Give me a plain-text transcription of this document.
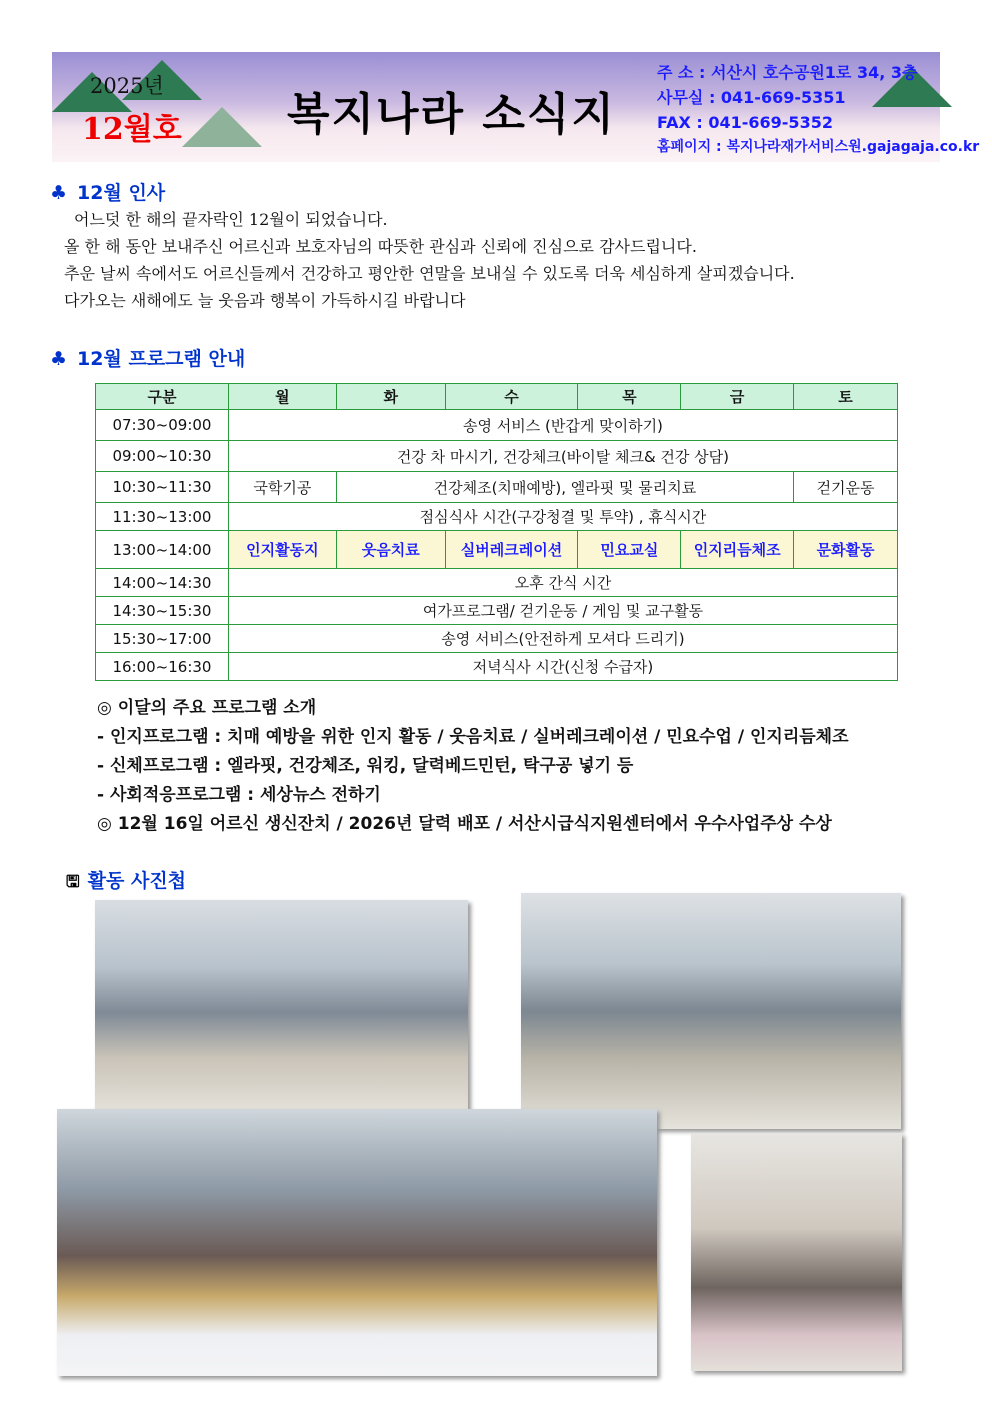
2025년
12월호 복지나라 소식지
주 소 : 서산시 호수공원1로 34, 3층
사무실 : 041-669-5351
FAX : 041-669-5352
홈페이지 : 복지나라재가서비스원.gajagaja.co.kr
♣ 12월 인사
어느덧 한 해의 끝자락인 12월이 되었습니다.
올 한 해 동안 보내주신 어르신과 보호자님의 따뜻한 관심과 신뢰에 진심으로 감사드립니다.
추운 날씨 속에서도 어르신들께서 건강하고 평안한 연말을 보내실 수 있도록 더욱 세심하게 살피겠습니다.
다가오는 새해에도 늘 웃음과 행복이 가득하시길 바랍니다
♣ 12월 프로그램 안내
구분	월	화	수	목	금	토
07:30~09:00	송영 서비스 (반갑게 맞이하기)					
09:00~10:30	건강 차 마시기, 건강체크(바이탈 체크& 건강 상담)					
10:30~11:30	국학기공	건강체조(치매예방), 엘라핏 및 물리치료				걷기운동
11:30~13:00	점심식사 시간(구강청결 및 투약) , 휴식시간					
13:00~14:00	인지활동지	웃음치료	실버레크레이션	민요교실	인지리듬체조	문화활동
14:00~14:30	오후 간식 시간					
14:30~15:30	여가프로그램/ 걷기운동 / 게임 및 교구활동					
15:30~17:00	송영 서비스(안전하게 모셔다 드리기)					
16:00~16:30	저녁식사 시간(신청 수급자)					
◎ 이달의 주요 프로그램 소개
- 인지프로그램 : 치매 예방을 위한 인지 활동 / 웃음치료 / 실버레크레이션 / 민요수업 / 인지리듬체조
- 신체프로그램 : 엘라핏, 건강체조, 워킹, 달력베드민턴, 탁구공 넣기 등
- 사회적응프로그램 : 세상뉴스 전하기
◎ 12월 16일 어르신 생신잔치 / 2026년 달력 배포 / 서산시급식지원센터에서 우수사업주상 수상
🖫 활동 사진첩
